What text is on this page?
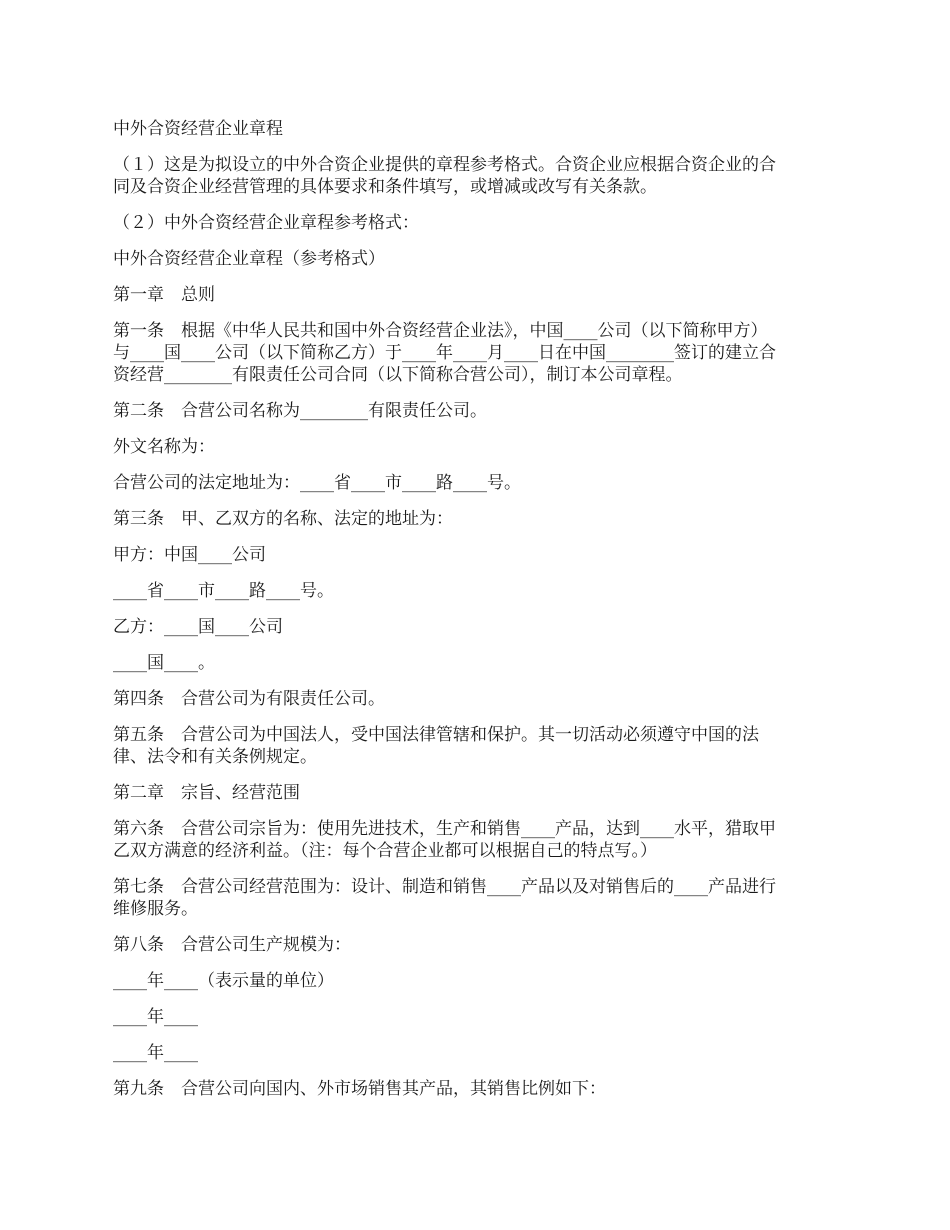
中外合资经营企业章程
（１）这是为拟设立的中外合资企业提供的章程参考格式。合资企业应根据合资企业的合
同及合资企业经营管理的具体要求和条件填写，或增减或改写有关条款。
（２）中外合资经营企业章程参考格式：
中外合资经营企业章程（参考格式）
第一章　总则
第一条　根据《中华人民共和国中外合资经营企业法》，中国____公司（以下简称甲方）
与____国____公司（以下简称乙方）于____年____月____日在中国________签订的建立合
资经营________有限责任公司合同（以下简称合营公司），制订本公司章程。
第二条　合营公司名称为________有限责任公司。
外文名称为：
合营公司的法定地址为：____省____市____路____号。
第三条　甲、乙双方的名称、法定的地址为：
甲方：中国____公司
____省____市____路____号。
乙方：____国____公司
____国____。
第四条　合营公司为有限责任公司。
第五条　合营公司为中国法人，受中国法律管辖和保护。其一切活动必须遵守中国的法
律、法令和有关条例规定。
第二章　宗旨、经营范围
第六条　合营公司宗旨为：使用先进技术，生产和销售____产品，达到____水平，猎取甲
乙双方满意的经济利益。（注：每个合营企业都可以根据自己的特点写。）
第七条　合营公司经营范围为：设计、制造和销售____产品以及对销售后的____产品进行
维修服务。
第八条　合营公司生产规模为：
____年____（表示量的单位）
____年____
____年____
第九条　合营公司向国内、外市场销售其产品，其销售比例如下：
